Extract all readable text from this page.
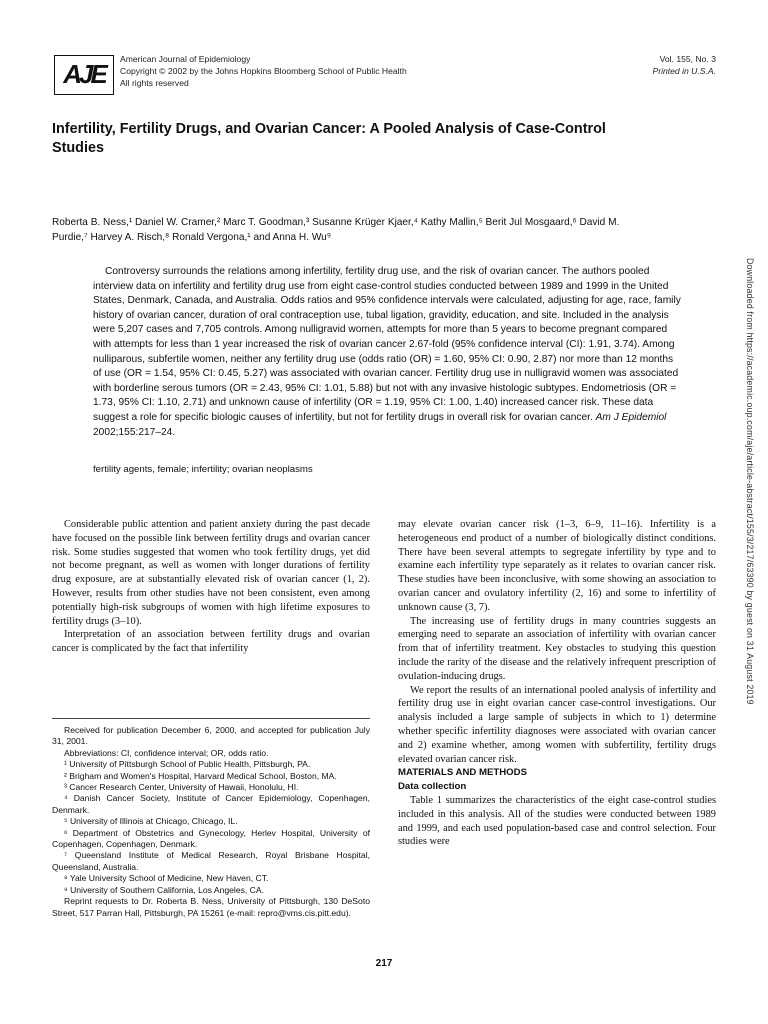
AJE	American Journal of Epidemiology
Copyright © 2002 by the Johns Hopkins Bloomberg School of Public Health
All rights reserved
Vol. 155, No. 3
Printed in U.S.A.
Infertility, Fertility Drugs, and Ovarian Cancer: A Pooled Analysis of Case-Control Studies
Roberta B. Ness,¹ Daniel W. Cramer,² Marc T. Goodman,³ Susanne Krüger Kjaer,⁴ Kathy Mallin,⁵ Berit Jul Mosgaard,⁶ David M. Purdie,⁷ Harvey A. Risch,⁸ Ronald Vergona,¹ and Anna H. Wu⁹

Controversy surrounds the relations among infertility, fertility drug use, and the risk of ovarian cancer. The authors pooled interview data on infertility and fertility drug use from eight case-control studies conducted between 1989 and 1999 in the United States, Denmark, Canada, and Australia. Odds ratios and 95% confidence intervals were calculated, adjusting for age, race, family history of ovarian cancer, duration of oral contraception use, tubal ligation, gravidity, education, and site. Included in the analysis were 5,207 cases and 7,705 controls. Among nulligravid women, attempts for more than 5 years to become pregnant compared with attempts for less than 1 year increased the risk of ovarian cancer 2.67-fold (95% confidence interval (CI): 1.91, 3.74). Among nulliparous, subfertile women, neither any fertility drug use (odds ratio (OR) = 1.60, 95% CI: 0.90, 2.87) nor more than 12 months of use (OR = 1.54, 95% CI: 0.45, 5.27) was associated with ovarian cancer. Fertility drug use in nulligravid women was associated with borderline serous tumors (OR = 2.43, 95% CI: 1.01, 5.88) but not with any invasive histologic subtypes. Endometriosis (OR = 1.73, 95% CI: 1.10, 2.71) and unknown cause of infertility (OR = 1.19, 95% CI: 1.00, 1.40) increased cancer risk. These data suggest a role for specific biologic causes of infertility, but not for fertility drugs in overall risk for ovarian cancer. Am J Epidemiol 2002;155:217–24.

fertility agents, female; infertility; ovarian neoplasms

Considerable public attention and patient anxiety during the past decade have focused on the possible link between fertility drugs and ovarian cancer risk. Some studies suggested that women who took fertility drugs, yet did not become pregnant, as well as women with longer durations of fertility drug exposure, are at substantially elevated risk of ovarian cancer (1, 2). However, results from other studies have not been consistent, even among potentially high-risk subgroups of women with high lifetime exposures to fertility drugs (3–10).

Interpretation of an association between fertility drugs and ovarian cancer is complicated by the fact that infertility

Received for publication December 6, 2000, and accepted for publication July 31, 2001.
Abbreviations: CI, confidence interval; OR, odds ratio.
¹ University of Pittsburgh School of Public Health, Pittsburgh, PA.
² Brigham and Women's Hospital, Harvard Medical School, Boston, MA.
³ Cancer Research Center, University of Hawaii, Honolulu, HI.
⁴ Danish Cancer Society, Institute of Cancer Epidemiology, Copenhagen, Denmark.
⁵ University of Illinois at Chicago, Chicago, IL.
⁶ Department of Obstetrics and Gynecology, Herlev Hospital, University of Copenhagen, Copenhagen, Denmark.
⁷ Queensland Institute of Medical Research, Royal Brisbane Hospital, Queensland, Australia.
⁸ Yale University School of Medicine, New Haven, CT.
⁹ University of Southern California, Los Angeles, CA.
Reprint requests to Dr. Roberta B. Ness, University of Pittsburgh, 130 DeSoto Street, 517 Parran Hall, Pittsburgh, PA 15261 (e-mail: repro@vms.cis.pitt.edu).

may elevate ovarian cancer risk (1–3, 6–9, 11–16). Infertility is a heterogeneous end product of a number of biologically distinct conditions. There have been several attempts to segregate infertility by type and to examine each infertility type separately as it relates to ovarian cancer risk. These studies have been inconclusive, with some showing an association to ovarian cancer and ovulatory infertility (2, 16) and some to infertility of unknown cause (3, 7).

The increasing use of fertility drugs in many countries suggests an emerging need to separate an association of infertility with ovarian cancer from that of infertility treatment. Key obstacles to studying this question include the rarity of the disease and the relatively infrequent prescription of ovulation-inducing drugs.

We report the results of an international pooled analysis of infertility and fertility drug use in eight ovarian cancer case-control investigations. Our analysis included a large sample of subjects in which to 1) determine whether specific infertility diagnoses were associated with ovarian cancer and 2) examine whether, among women with subfertility, fertility drugs elevated ovarian cancer risk.

MATERIALS AND METHODS

Data collection

Table 1 summarizes the characteristics of the eight case-control studies included in this analysis. All of the studies were conducted between 1989 and 1999, and each used population-based case and control selection. Four studies were

217
Downloaded from https://academic.oup.com/aje/article-abstract/155/3/217/63390 by guest on 31 August 2019
